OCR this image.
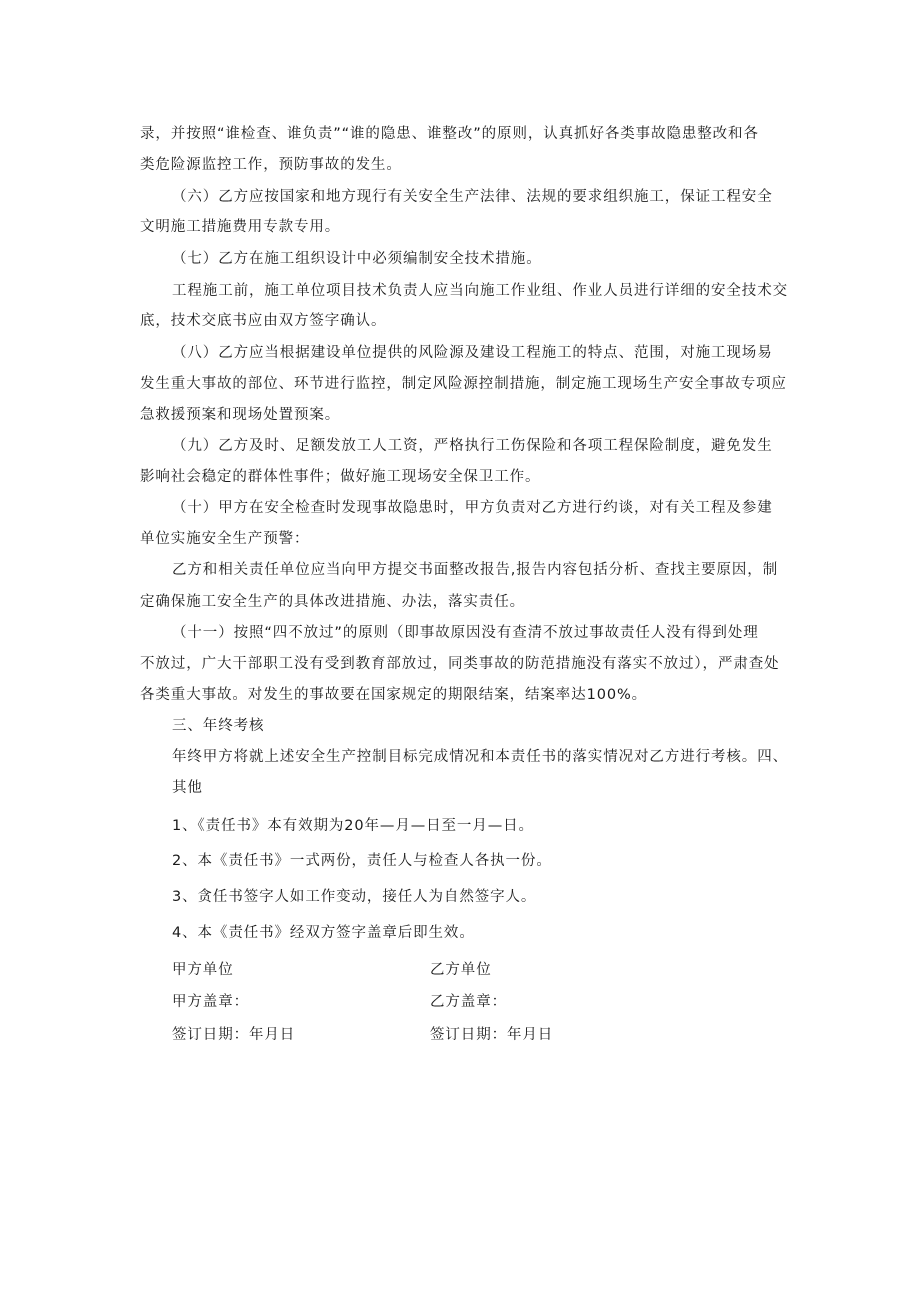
录，并按照“谁检查、谁负责”“谁的隐患、谁整改”的原则，认真抓好各类事故隐患整改和各
类危险源监控工作，预防事故的发生。
（六）乙方应按国家和地方现行有关安全生产法律、法规的要求组织施工，保证工程安全
文明施工措施费用专款专用。
（七）乙方在施工组织设计中必须编制安全技术措施。
工程施工前，施工单位项目技术负责人应当向施工作业组、作业人员进行详细的安全技术交
底，技术交底书应由双方签字确认。
（八）乙方应当根据建设单位提供的风险源及建设工程施工的特点、范围，对施工现场易
发生重大事故的部位、环节进行监控，制定风险源控制措施，制定施工现场生产安全事故专项应
急救援预案和现场处置预案。
（九）乙方及时、足额发放工人工资，严格执行工伤保险和各项工程保险制度，避免发生
影响社会稳定的群体性事件；做好施工现场安全保卫工作。
（十）甲方在安全检查时发现事故隐患时，甲方负责对乙方进行约谈，对有关工程及参建
单位实施安全生产预警：
乙方和相关责任单位应当向甲方提交书面整改报告,报告内容包括分析、查找主要原因，制
定确保施工安全生产的具体改进措施、办法，落实责任。
（十一）按照“四不放过”的原则（即事故原因没有查清不放过事故责任人没有得到处理
不放过，广大干部职工没有受到教育部放过，同类事故的防范措施没有落实不放过），严肃查处
各类重大事故。对发生的事故要在国家规定的期限结案，结案率达100%。
三、年终考核
年终甲方将就上述安全生产控制目标完成情况和本责任书的落实情况对乙方进行考核。四、
其他
1、《责任书》本有效期为20年—月—日至一月—日。
2、本《责任书》一式两份，责任人与检查人各执一份。
3、贪任书签字人如工作变动，接任人为自然签字人。
4、本《责任书》经双方签字盖章后即生效。
甲方单位	乙方单位
甲方盖章：	乙方盖章：
签订日期：年月日	签订日期：年月日
